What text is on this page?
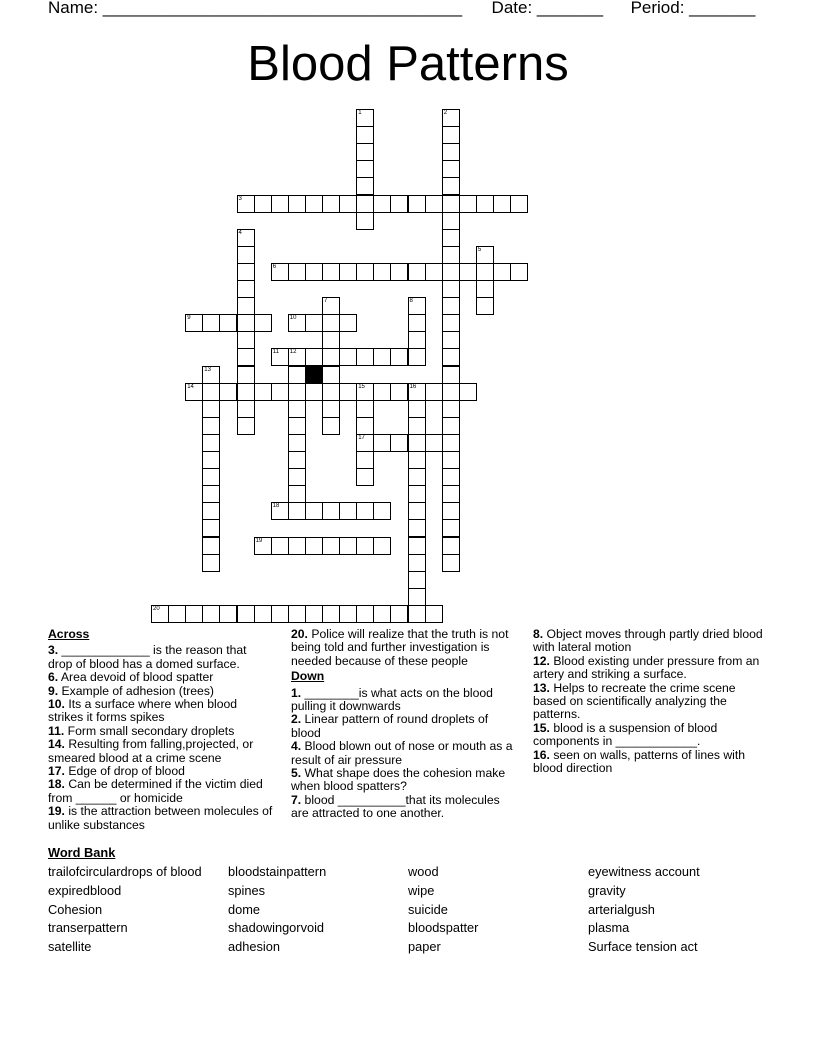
Name: ______________________________________ Date: _______ Period: _______
Blood Patterns
1	2
3
4
5
6
7	8
9	10
11 12
13
14	15	16
17
18
19
20
Across

3. _____________ is the reason that drop of blood has a domed surface.

6. Area devoid of blood spatter

9. Example of adhesion (trees)

10. Its a surface where when blood strikes it forms spikes

11. Form small secondary droplets

14. Resulting from falling,projected, or smeared blood at a crime scene

17. Edge of drop of blood

18. Can be determined if the victim died from ______ or homicide

19. is the attraction between molecules of unlike substances

20. Police will realize that the truth is not being told and further investigation is needed because of these people

Down

1. ________is what acts on the blood pulling it downwards

2. Linear pattern of round droplets of blood

4. Blood blown out of nose or mouth as a result of air pressure

5. What shape does the cohesion make when blood spatters?

7. blood __________that its molecules are attracted to one another.

8. Object moves through partly dried blood with lateral motion

12. Blood existing under pressure from an artery and striking a surface.

13. Helps to recreate the crime scene based on scientifically analyzing the patterns.

15. blood is a suspension of blood components in ____________.

16. seen on walls, patterns of lines with blood direction

Word Bank
trailofcirculardrops of blood	bloodstainpattern	wood	eyewitness account
expiredblood	spines	wipe	gravity
Cohesion	dome	suicide	arterialgush
transerpattern	shadowingorvoid	bloodspatter	plasma
satellite	adhesion	paper	Surface tension act
